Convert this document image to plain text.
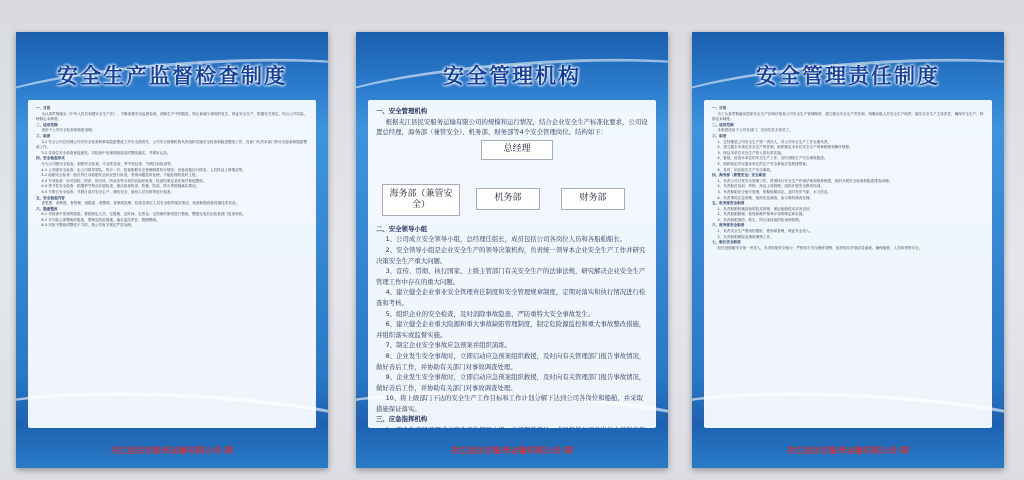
安全生产监督检查制度
一、目的
为认真贯彻落实《中华人民共和国安全生产法》，不断加强安全监督检查，消除生产中的隐患，防止和减少事故的发生，保证安全生产，根据有关规定，结合公司实际，特制定本制度。
二、适用范围
适用于公司安全检查和隐患治理。
三、职责
3.1 安全公司总经理公司对安全检查和事故隐患整改工作负全面责任，公司安全管理机构负责组织实施安全检查和隐患整改工作，各部门负责本部门的安全检查和隐患整改工作。
3.2 各岗位安全检查督促意见，对检查中发现的隐患及时整改落实，并做好记录。
四、安全检查形式
分为公司级安全检查、船舶安全检查、专业性检查、季节性检查、节假日前检查等。
4.1 公司级安全检查：由公司领导带队，每月一次，检查船舶安全管理制度执行情况、设备设施运行情况、人员持证上岗情况等。
4.2 船舶安全检查：船长每日对船舶安全状况进行检查，发现问题及时处理，不能处理的及时上报。
4.3 专项检查：针对消防、防汛、防台风、防冰冻等专项内容组织检查，检查结果记录在案并督促整改。
4.4 季节性安全检查：根据季节特点开展检查，重点检查防汛、防暑、防冻、防火等措施落实情况。
4.5 节假日安全检查：节假日前对安全生产、消防安全、值班人员安排等进行检查。
五、安全检查内容
查思想、查制度、查管理、查隐患、查整改、查事故处理，检查各岗位人员安全职责落实情况，检查船舶设备设施技术状况。
六、隐患整改
6.1 对检查中发现的隐患，要按照定人员、定措施、定时间、定资金、定预案的原则进行整改，整改完成后由检查部门复查验收。
6.2 对不能立即整改的隐患，要制定防范措施，落实监控责任，限期整改。
6.3 对拒不整改或整改不力的，按公司有关规定严肃处理。
夹江县民安船务运输有限公司·制
安全管理机构
一、安全管理机构
根据夹江县民安船务运输有限公司的规模和运行情况，结合企业安全生产标准化要求，公司设置总经理，海务部（兼管安全）、机务部、财务部等4个安全管理岗位。结构如下：
总经理
海务部（兼管安全）
机务部	财务部
二、安全领导小组
1、公司成立安全领导小组，总经理任组长，成员包括公司各岗位人员和各船舶船长。
2、安全领导小组是企业安全生产的领导决策机构，负责统一领导本企业安全生产工作并研究决策安全生产重大问题。
3、宣传、贯彻、执行国家、上级主管部门有关安全生产的法律法规，研究解决企业安全生产管理工作中存在的重大问题。
4、建立健全企业事业安全管理责任制度和安全管理规章制度，定期对落实和执行情况进行检查和考核。
5、组织企业的安全检查，及时消除事故隐患，严防重特大安全事故发生。
6、建立健全企业重大险源和重大事故缺陷管理制度，制定危险源监控和重大事故整改措施，并组织落实或监督实施。
7、制定企业安全事故应急预案并组织演练。
8、企业发生安全事故时，立即启动应急预案组织救援，及时向有关管理部门报告事故情况，做好善后工作，并协助有关部门对事故调查处理。
9、企业发生安全事故时，立即启动应急预案组织救援，及时向有关管理部门报告事故情况，做好善后工作，并协助有关部门对事故调查处理。
10、将上级部门下达的安全生产工作目标和工作计划分解下达到公司各岗位和船舶，并采取措施保证落实。
三、应急指挥机构
夹江县民安船务运输有限公司·制
安全管理责任制度
一、目的
为了认真贯彻落实国家安全生产法律法规及公司安全生产管理制度，建立健全安全生产责任制，明确各级人员安全生产职责，落实安全生产主体责任，确保安全生产，特制定本制度。
二、适用范围
本制度适用于公司各部门、各岗位及全体员工。
三、职责
1、总经理是公司安全生产第一责任人，对公司安全生产工作全面负责。
2、建立健全本单位安全生产责任制，组织制定本单位安全生产规章制度和操作规程。
3、保证本单位安全生产投入的有效实施。
4、督促、检查本单位的安全生产工作，及时消除生产安全事故隐患。
5、组织制定并实施本单位的生产安全事故应急救援预案。
6、及时、如实报告生产安全事故。
四、海务部（兼管安全）安全职责
1、负责公司日常安全管理工作，贯彻执行安全生产法律法规和规章制度，组织开展安全检查和隐患排查治理。
2、负责船员培训、考核、持证上岗管理，组织开展安全教育培训。
3、负责船舶安全航行管理，掌握船舶动态，及时发布气象、水文信息。
4、负责事故应急管理，组织应急演练，参与事故调查处理。
五、机务部安全职责
1、负责船舶机械设备的技术管理，保证船舶技术状况良好。
2、负责船舶修理、检验和维护保养计划的制定和实施。
3、负责船舶消防、救生、防污染设备的检查和管理。
六、财务部安全职责
1、负责安全生产费用的提取、使用和管理，保证安全投入。
2、负责船舶保险及事故理赔工作。
七、船长安全职责
船长是船舶安全第一责任人，负责船舶安全航行，严格执行安全操作规程，组织船员开展应急演练，确保船舶、人员和货物安全。
夹江县民安船务运输有限公司·制
